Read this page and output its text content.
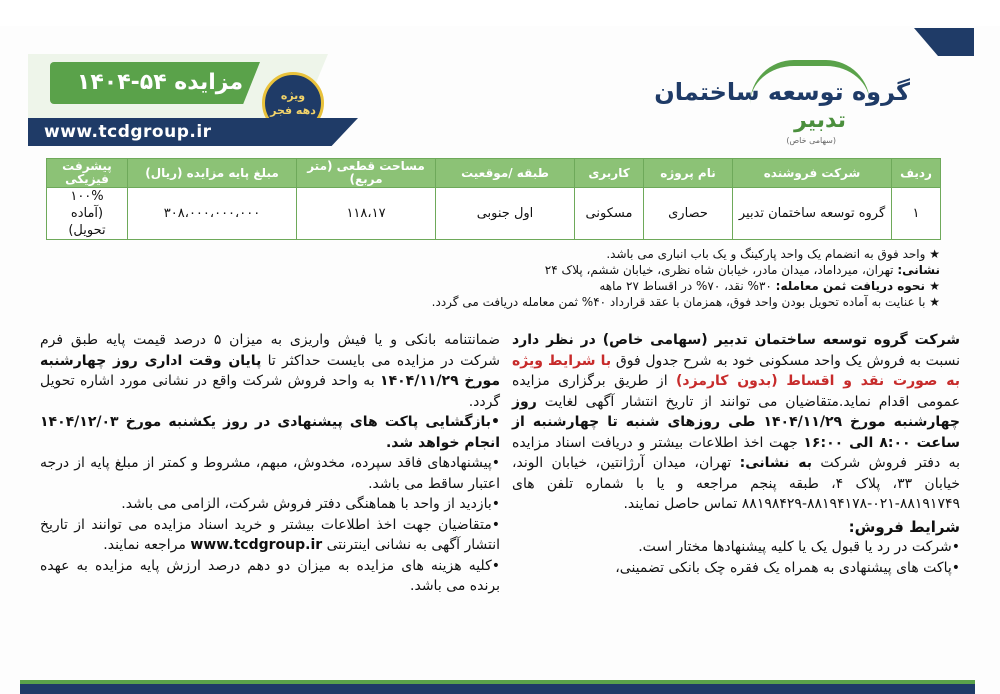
مزایده ۵۴-۱۴۰۴
ویژه
دهه فجر
www.tcdgroup.ir
گروه توسعه ساختمان
تدبیر
(سهامی خاص)
ردیف	شرکت فروشنده	نام پروژه	کاربری	طبقه /موقعیت	مساحت قطعی (متر مربع)	مبلغ پایه مزایده (ریال)	پیشرفت فیزیکی
۱	گروه توسعه ساختمان تدبیر	حصاری	مسکونی	اول جنوبی	۱۱۸،۱۷	۳۰۸،۰۰۰،۰۰۰،۰۰۰	۱۰۰%
(آماده تحویل)
★ واحد فوق به انضمام یک واحد پارکینگ و یک باب انباری می باشد.
نشانی: تهران، میرداماد، میدان مادر، خیابان شاه نظری، خیابان ششم، پلاک ۲۴
★ نحوه دریافت ثمن معامله: ۳۰% نقد، ۷۰% در اقساط ۲۷ ماهه
★ با عنایت به آماده تحویل بودن واحد فوق، همزمان با عقد قرارداد ۴۰% ثمن معامله دریافت می گردد.

شرکت گروه توسعه ساختمان تدبیر (سهامی خاص) در نظر دارد نسبت به فروش یک واحد مسکونی خود به شرح جدول فوق با شرایط ویژه به صورت نقد و اقساط (بدون کارمزد) از طریق برگزاری مزایده عمومی اقدام نماید.متقاضیان می توانند از تاریخ انتشار آگهی لغایت روز چهارشنبه مورخ ۱۴۰۴/۱۱/۲۹ طی روزهای شنبه تا چهارشنبه از ساعت ۸:۰۰ الی ۱۶:۰۰ جهت اخذ اطلاعات بیشتر و دریافت اسناد مزایده به دفتر فروش شرکت به نشانی: تهران، میدان آرژانتین، خیابان الوند، خیابان ۳۳، پلاک ۴، طبقه پنجم مراجعه و یا با شماره تلفن های ۸۸۱۹۱۷۴۹-۰۲۱-۸۸۱۹۴۱۷۸-۸۸۱۹۸۴۲۹ تماس حاصل نمایند.

شرایط فروش:
•شرکت در رد یا قبول یک یا کلیه پیشنهادها مختار است.
•پاکت های پیشنهادی به همراه یک فقره چک بانکی تضمینی،

ضمانتنامه بانکی و یا فیش واریزی به میزان ۵ درصد قیمت پایه طبق فرم شرکت در مزایده می بایست حداکثر تا پایان وقت اداری روز چهارشنبه مورخ ۱۴۰۴/۱۱/۲۹ به واحد فروش شرکت واقع در نشانی مورد اشاره تحویل گردد.

•بازگشایی پاکت های پیشنهادی در روز یکشنبه مورخ ۱۴۰۴/۱۲/۰۳ انجام خواهد شد.
•پیشنهادهای فاقد سپرده، مخدوش، مبهم، مشروط و کمتر از مبلغ پایه از درجه اعتبار ساقط می باشد.
•بازدید از واحد با هماهنگی دفتر فروش شرکت، الزامی می باشد.
•متقاضیان جهت اخذ اطلاعات بیشتر و خرید اسناد مزایده می توانند از تاریخ انتشار آگهی به نشانی اینترنتی www.tcdgroup.ir مراجعه نمایند.
•کلیه هزینه های مزایده به میزان دو دهم درصد ارزش پایه مزایده به عهده برنده می باشد.
